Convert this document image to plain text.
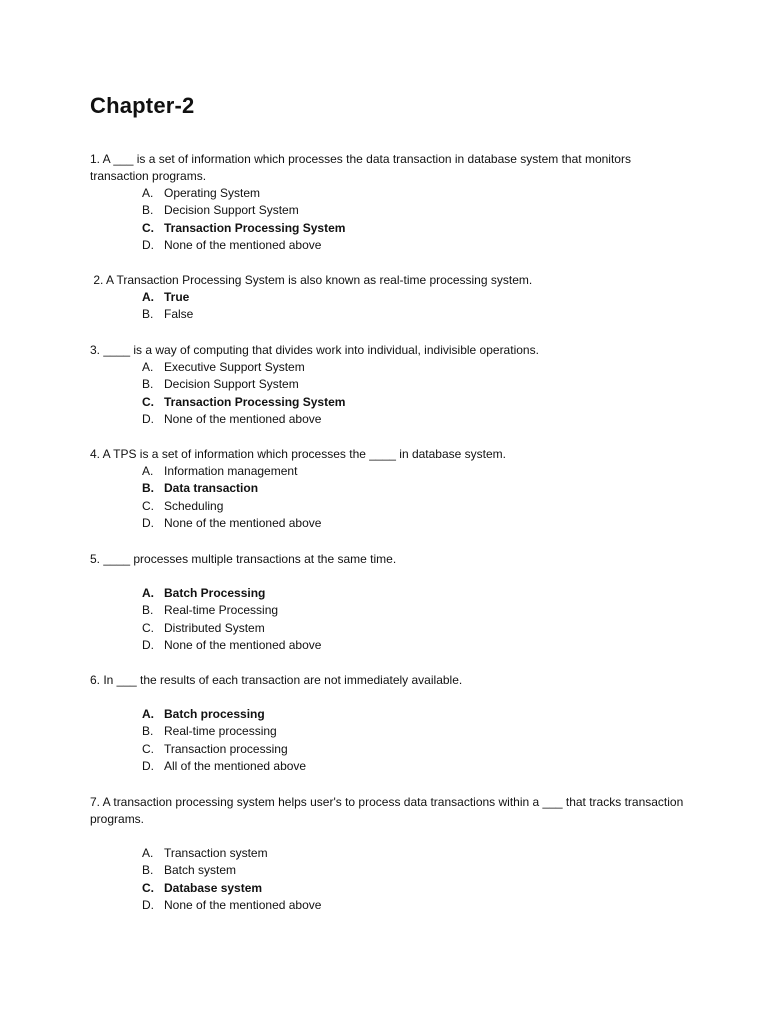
Chapter-2
1. A ___ is a set of information which processes the data transaction in database system that monitors transaction programs.
A. Operating System
B. Decision Support System
C. Transaction Processing System
D. None of the mentioned above
2. A Transaction Processing System is also known as real-time processing system.
A. True
B. False
3. ____ is a way of computing that divides work into individual, indivisible operations.
A. Executive Support System
B. Decision Support System
C. Transaction Processing System
D. None of the mentioned above
4. A TPS is a set of information which processes the ____ in database system.
A. Information management
B. Data transaction
C. Scheduling
D. None of the mentioned above
5. ____ processes multiple transactions at the same time.
A. Batch Processing
B. Real-time Processing
C. Distributed System
D. None of the mentioned above
6. In ___ the results of each transaction are not immediately available.
A. Batch processing
B. Real-time processing
C. Transaction processing
D. All of the mentioned above
7. A transaction processing system helps user's to process data transactions within a ___ that tracks transaction programs.
A. Transaction system
B. Batch system
C. Database system
D. None of the mentioned above
